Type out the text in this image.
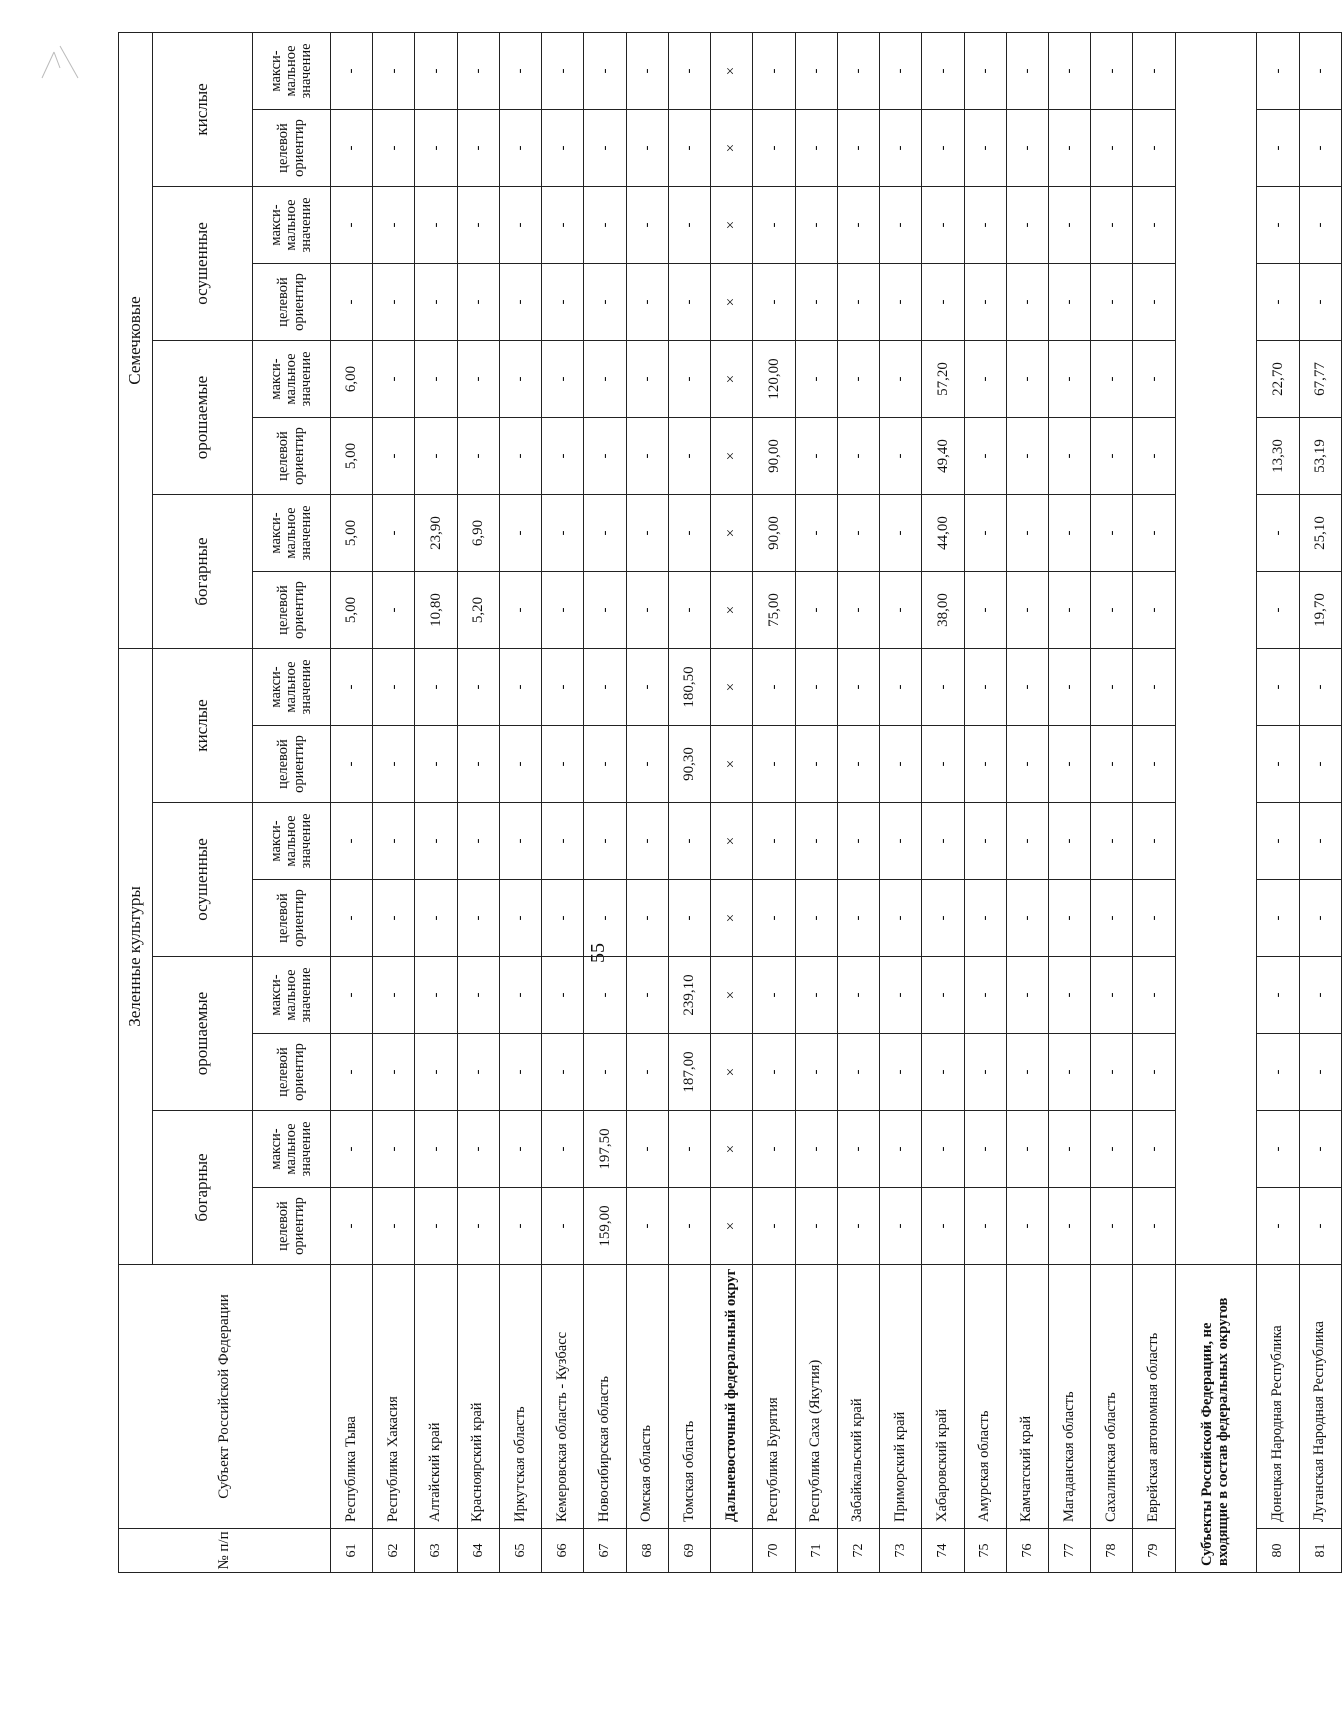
55
№ п/п	Субъект Российской Федерации	Зеленные культуры								Семечковые							
		богарные		орошаемые		осушенные		кислые		богарные		орошаемые		осушенные		кислые	
		целевой ориентир	макси-мальное значение	целевой ориентир	макси-мальное значение	целевой ориентир	макси-мальное значение	целевой ориентир	макси-мальное значение	целевой ориентир	макси-мальное значение	целевой ориентир	макси-мальное значение	целевой ориентир	макси-мальное значение	целевой ориентир	макси-мальное значение
61	Республика Тыва	-	-	-	-	-	-	-	-	5,00	5,00	5,00	6,00	-	-	-	-
62	Республика Хакасия	-	-	-	-	-	-	-	-	-	-	-	-	-	-	-	-
63	Алтайский край	-	-	-	-	-	-	-	-	10,80	23,90	-	-	-	-	-	-
64	Красноярский край	-	-	-	-	-	-	-	-	5,20	6,90	-	-	-	-	-	-
65	Иркутская область	-	-	-	-	-	-	-	-	-	-	-	-	-	-	-	-
66	Кемеровская область - Кузбасс	-	-	-	-	-	-	-	-	-	-	-	-	-	-	-	-
67	Новосибирская область	159,00	197,50	-	-	-	-	-	-	-	-	-	-	-	-	-	-
68	Омская область	-	-	-	-	-	-	-	-	-	-	-	-	-	-	-	-
69	Томская область	-	-	187,00	239,10	-	-	90,30	180,50	-	-	-	-	-	-	-	-
	Дальневосточный федеральный округ	×	×	×	×	×	×	×	×	×	×	×	×	×	×	×	×
70	Республика Бурятия	-	-	-	-	-	-	-	-	75,00	90,00	90,00	120,00	-	-	-	-
71	Республика Саха (Якутия)	-	-	-	-	-	-	-	-	-	-	-	-	-	-	-	-
72	Забайкальский край	-	-	-	-	-	-	-	-	-	-	-	-	-	-	-	-
73	Приморский край	-	-	-	-	-	-	-	-	-	-	-	-	-	-	-	-
74	Хабаровский край	-	-	-	-	-	-	-	-	38,00	44,00	49,40	57,20	-	-	-	-
75	Амурская область	-	-	-	-	-	-	-	-	-	-	-	-	-	-	-	-
76	Камчатский край	-	-	-	-	-	-	-	-	-	-	-	-	-	-	-	-
77	Магаданская область	-	-	-	-	-	-	-	-	-	-	-	-	-	-	-	-
78	Сахалинская область	-	-	-	-	-	-	-	-	-	-	-	-	-	-	-	-
79	Еврейская автономная область	-	-	-	-	-	-	-	-	-	-	-	-	-	-	-	-
Субъекты Российской Федерации, не входящие в состав федеральных округов																	
80	Донецкая Народная Республика	-	-	-	-	-	-	-	-	-	-	13,30	22,70	-	-	-	-
81	Луганская Народная Республика	-	-	-	-	-	-	-	-	19,70	25,10	53,19	67,77	-	-	-	-
